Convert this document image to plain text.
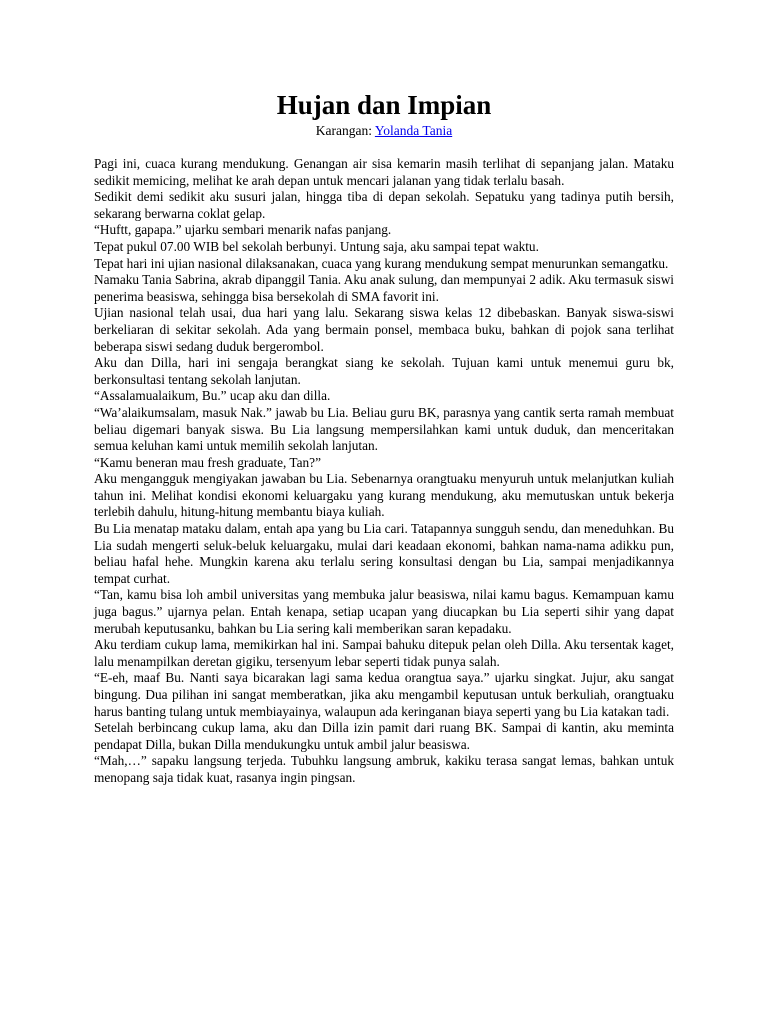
Hujan dan Impian
Karangan: Yolanda Tania

Pagi ini, cuaca kurang mendukung. Genangan air sisa kemarin masih terlihat di sepanjang jalan. Mataku sedikit memicing, melihat ke arah depan untuk mencari jalanan yang tidak terlalu basah.

Sedikit demi sedikit aku susuri jalan, hingga tiba di depan sekolah. Sepatuku yang tadinya putih bersih, sekarang berwarna coklat gelap.

“Huftt, gapapa.” ujarku sembari menarik nafas panjang.

Tepat pukul 07.00 WIB bel sekolah berbunyi. Untung saja, aku sampai tepat waktu.

Tepat hari ini ujian nasional dilaksanakan, cuaca yang kurang mendukung sempat menurunkan semangatku.

Namaku Tania Sabrina, akrab dipanggil Tania. Aku anak sulung, dan mempunyai 2 adik. Aku termasuk siswi penerima beasiswa, sehingga bisa bersekolah di SMA favorit ini.

Ujian nasional telah usai, dua hari yang lalu. Sekarang siswa kelas 12 dibebaskan. Banyak siswa-siswi berkeliaran di sekitar sekolah. Ada yang bermain ponsel, membaca buku, bahkan di pojok sana terlihat beberapa siswi sedang duduk bergerombol.

Aku dan Dilla, hari ini sengaja berangkat siang ke sekolah. Tujuan kami untuk menemui guru bk, berkonsultasi tentang sekolah lanjutan.

“Assalamualaikum, Bu.” ucap aku dan dilla.

“Wa’alaikumsalam, masuk Nak.” jawab bu Lia. Beliau guru BK, parasnya yang cantik serta ramah membuat beliau digemari banyak siswa. Bu Lia langsung mempersilahkan kami untuk duduk, dan menceritakan semua keluhan kami untuk memilih sekolah lanjutan.

“Kamu beneran mau fresh graduate, Tan?”

Aku mengangguk mengiyakan jawaban bu Lia. Sebenarnya orangtuaku menyuruh untuk melanjutkan kuliah tahun ini. Melihat kondisi ekonomi keluargaku yang kurang mendukung, aku memutuskan untuk bekerja terlebih dahulu, hitung-hitung membantu biaya kuliah.

Bu Lia menatap mataku dalam, entah apa yang bu Lia cari. Tatapannya sungguh sendu, dan meneduhkan. Bu Lia sudah mengerti seluk-beluk keluargaku, mulai dari keadaan ekonomi, bahkan nama-nama adikku pun, beliau hafal hehe. Mungkin karena aku terlalu sering konsultasi dengan bu Lia, sampai menjadikannya tempat curhat.

“Tan, kamu bisa loh ambil universitas yang membuka jalur beasiswa, nilai kamu bagus. Kemampuan kamu juga bagus.” ujarnya pelan. Entah kenapa, setiap ucapan yang diucapkan bu Lia seperti sihir yang dapat merubah keputusanku, bahkan bu Lia sering kali memberikan saran kepadaku.

Aku terdiam cukup lama, memikirkan hal ini. Sampai bahuku ditepuk pelan oleh Dilla. Aku tersentak kaget, lalu menampilkan deretan gigiku, tersenyum lebar seperti tidak punya salah.

“E-eh, maaf Bu. Nanti saya bicarakan lagi sama kedua orangtua saya.” ujarku singkat. Jujur, aku sangat bingung. Dua pilihan ini sangat memberatkan, jika aku mengambil keputusan untuk berkuliah, orangtuaku harus banting tulang untuk membiayainya, walaupun ada keringanan biaya seperti yang bu Lia katakan tadi.

Setelah berbincang cukup lama, aku dan Dilla izin pamit dari ruang BK. Sampai di kantin, aku meminta pendapat Dilla, bukan Dilla mendukungku untuk ambil jalur beasiswa.

“Mah,…” sapaku langsung terjeda. Tubuhku langsung ambruk, kakiku terasa sangat lemas, bahkan untuk menopang saja tidak kuat, rasanya ingin pingsan.
